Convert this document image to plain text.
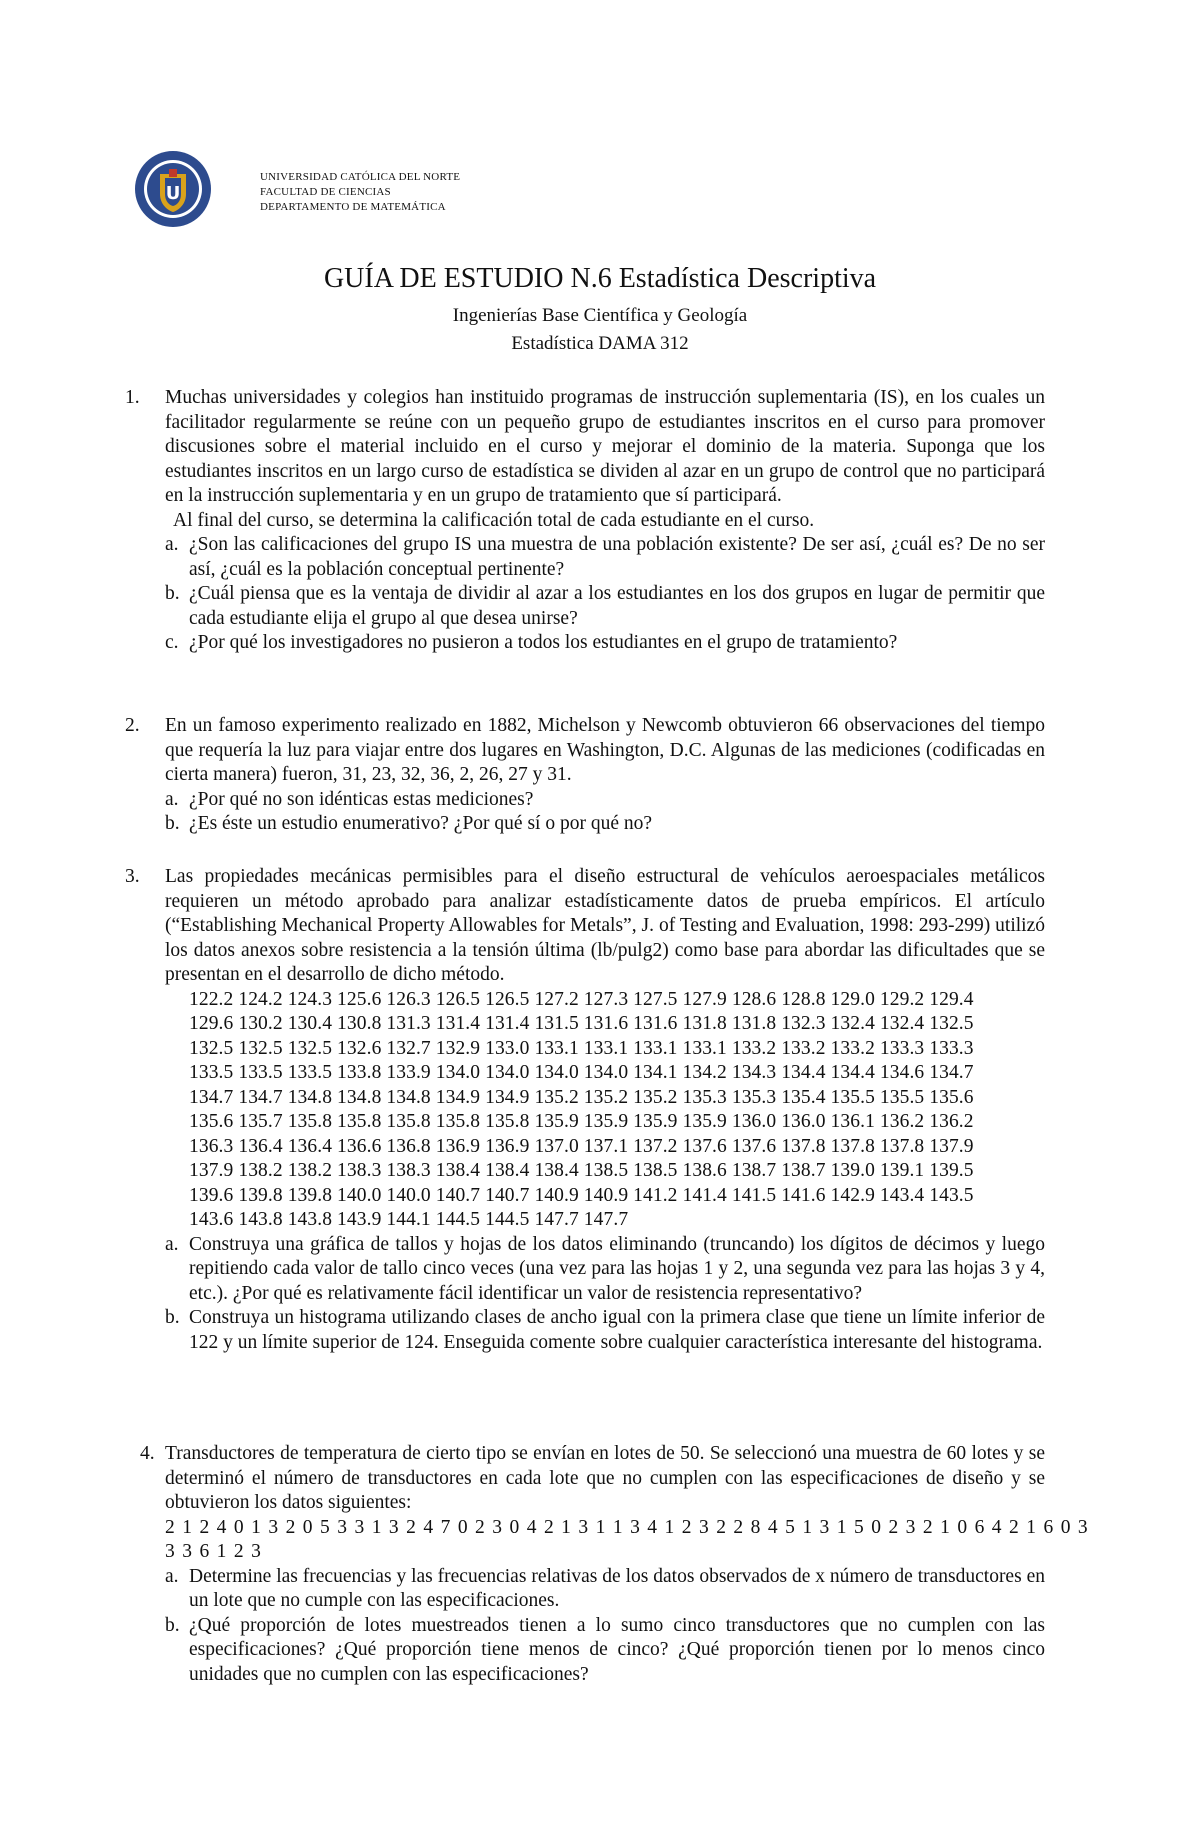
U
UNIVERSIDAD CATÓLICA DEL NORTE
FACULTAD DE CIENCIAS
DEPARTAMENTO DE MATEMÁTICA
GUÍA DE ESTUDIO N.6 Estadística Descriptiva
Ingenierías Base Científica y Geología
Estadística DAMA 312
1. Muchas universidades y colegios han instituido programas de instrucción suplementaria (IS), en los cuales un facilitador regularmente se reúne con un pequeño grupo de estudiantes inscritos en el curso para promover discusiones sobre el material incluido en el curso y mejorar el dominio de la materia. Suponga que los estudiantes inscritos en un largo curso de estadística se dividen al azar en un grupo de control que no participará en la instrucción suplementaria y en un grupo de tratamiento que sí participará.

Al final del curso, se determina la calificación total de cada estudiante en el curso.

a. ¿Son las calificaciones del grupo IS una muestra de una población existente? De ser así, ¿cuál es? De no ser así, ¿cuál es la población conceptual pertinente?
b. ¿Cuál piensa que es la ventaja de dividir al azar a los estudiantes en los dos grupos en lugar de permitir que cada estudiante elija el grupo al que desea unirse?
c. ¿Por qué los investigadores no pusieron a todos los estudiantes en el grupo de tratamiento?
2. En un famoso experimento realizado en 1882, Michelson y Newcomb obtuvieron 66 observaciones del tiempo que requería la luz para viajar entre dos lugares en Washington, D.C. Algunas de las mediciones (codificadas en cierta manera) fueron, 31, 23, 32, 36, 2, 26, 27 y 31.

a. ¿Por qué no son idénticas estas mediciones?
b. ¿Es éste un estudio enumerativo? ¿Por qué sí o por qué no?
3. Las propiedades mecánicas permisibles para el diseño estructural de vehículos aeroespaciales metálicos requieren un método aprobado para analizar estadísticamente datos de prueba empíricos. El artículo (“Establishing Mechanical Property Allowables for Metals”, J. of Testing and Evaluation, 1998: 293-299) utilizó los datos anexos sobre resistencia a la tensión última (lb/pulg2) como base para abordar las dificultades que se presentan en el desarrollo de dicho método.

122.2 124.2 124.3 125.6 126.3 126.5 126.5 127.2 127.3 127.5 127.9 128.6 128.8 129.0 129.2 129.4
129.6 130.2 130.4 130.8 131.3 131.4 131.4 131.5 131.6 131.6 131.8 131.8 132.3 132.4 132.4 132.5
132.5 132.5 132.5 132.6 132.7 132.9 133.0 133.1 133.1 133.1 133.1 133.2 133.2 133.2 133.3 133.3
133.5 133.5 133.5 133.8 133.9 134.0 134.0 134.0 134.0 134.1 134.2 134.3 134.4 134.4 134.6 134.7
134.7 134.7 134.8 134.8 134.8 134.9 134.9 135.2 135.2 135.2 135.3 135.3 135.4 135.5 135.5 135.6
135.6 135.7 135.8 135.8 135.8 135.8 135.8 135.9 135.9 135.9 135.9 136.0 136.0 136.1 136.2 136.2
136.3 136.4 136.4 136.6 136.8 136.9 136.9 137.0 137.1 137.2 137.6 137.6 137.8 137.8 137.8 137.9
137.9 138.2 138.2 138.3 138.3 138.4 138.4 138.4 138.5 138.5 138.6 138.7 138.7 139.0 139.1 139.5
139.6 139.8 139.8 140.0 140.0 140.7 140.7 140.9 140.9 141.2 141.4 141.5 141.6 142.9 143.4 143.5
143.6 143.8 143.8 143.9 144.1 144.5 144.5 147.7 147.7
a. Construya una gráfica de tallos y hojas de los datos eliminando (truncando) los dígitos de décimos y luego repitiendo cada valor de tallo cinco veces (una vez para las hojas 1 y 2, una segunda vez para las hojas 3 y 4, etc.). ¿Por qué es relativamente fácil identificar un valor de resistencia representativo?
b. Construya un histograma utilizando clases de ancho igual con la primera clase que tiene un límite inferior de 122 y un límite superior de 124. Enseguida comente sobre cualquier característica interesante del histograma.
4. Transductores de temperatura de cierto tipo se envían en lotes de 50. Se seleccionó una muestra de 60 lotes y se determinó el número de transductores en cada lote que no cumplen con las especificaciones de diseño y se obtuvieron los datos siguientes:

2 1 2 4 0 1 3 2 0 5 3 3 1 3 2 4 7 0 2 3 0 4 2 1 3 1 1 3 4 1 2 3 2 2 8 4 5 1 3 1 5 0 2 3 2 1 0 6 4 2 1 6 0 3
3 3 6 1 2 3
a. Determine las frecuencias y las frecuencias relativas de los datos observados de x número de transductores en un lote que no cumple con las especificaciones.
b. ¿Qué proporción de lotes muestreados tienen a lo sumo cinco transductores que no cumplen con las especificaciones? ¿Qué proporción tiene menos de cinco? ¿Qué proporción tienen por lo menos cinco unidades que no cumplen con las especificaciones?
